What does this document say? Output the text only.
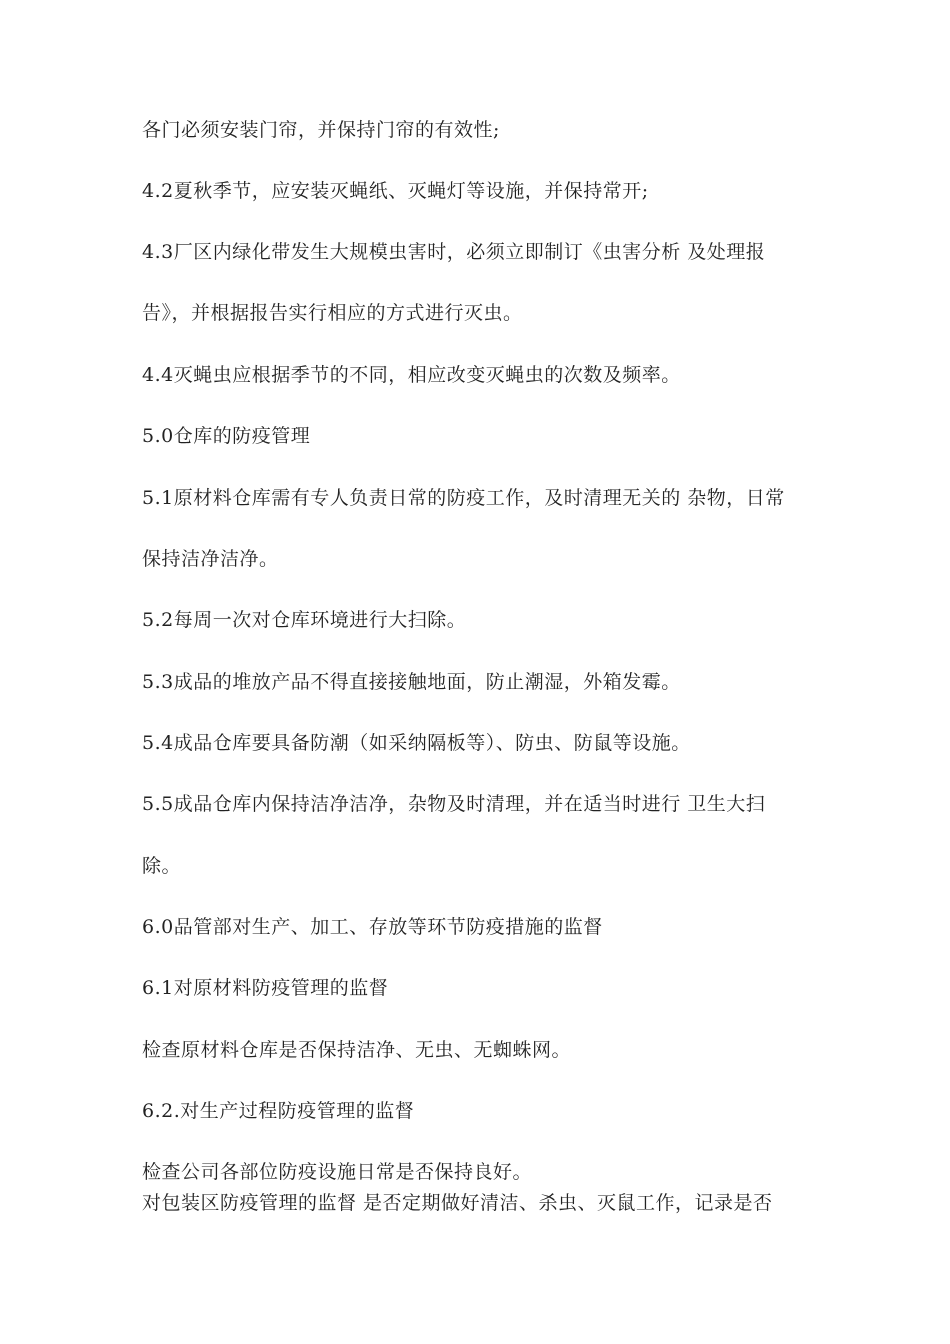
各门必须安装门帘，并保持门帘的有效性;
4.2夏秋季节，应安装灭蝇纸、灭蝇灯等设施，并保持常开;
4.3厂区内绿化带发生大规模虫害时，必须立即制订《虫害分析 及处理报
告》，并根据报告实行相应的方式进行灭虫。
4.4灭蝇虫应根据季节的不同，相应改变灭蝇虫的次数及频率。
5.0仓库的防疫管理
5.1原材料仓库需有专人负责日常的防疫工作，及时清理无关的 杂物，日常
保持洁净洁净。
5.2每周一次对仓库环境进行大扫除。
5.3成品的堆放产品不得直接接触地面，防止潮湿，外箱发霉。
5.4成品仓库要具备防潮（如采纳隔板等）、防虫、防鼠等设施。
5.5成品仓库内保持洁净洁净，杂物及时清理，并在适当时进行 卫生大扫
除。
6.0品管部对生产、加工、存放等环节防疫措施的监督
6.1对原材料防疫管理的监督
检查原材料仓库是否保持洁净、无虫、无蜘蛛网。
6.2.对生产过程防疫管理的监督
检查公司各部位防疫设施日常是否保持良好。
对包装区防疫管理的监督 是否定期做好清洁、杀虫、灭鼠工作，记录是否
